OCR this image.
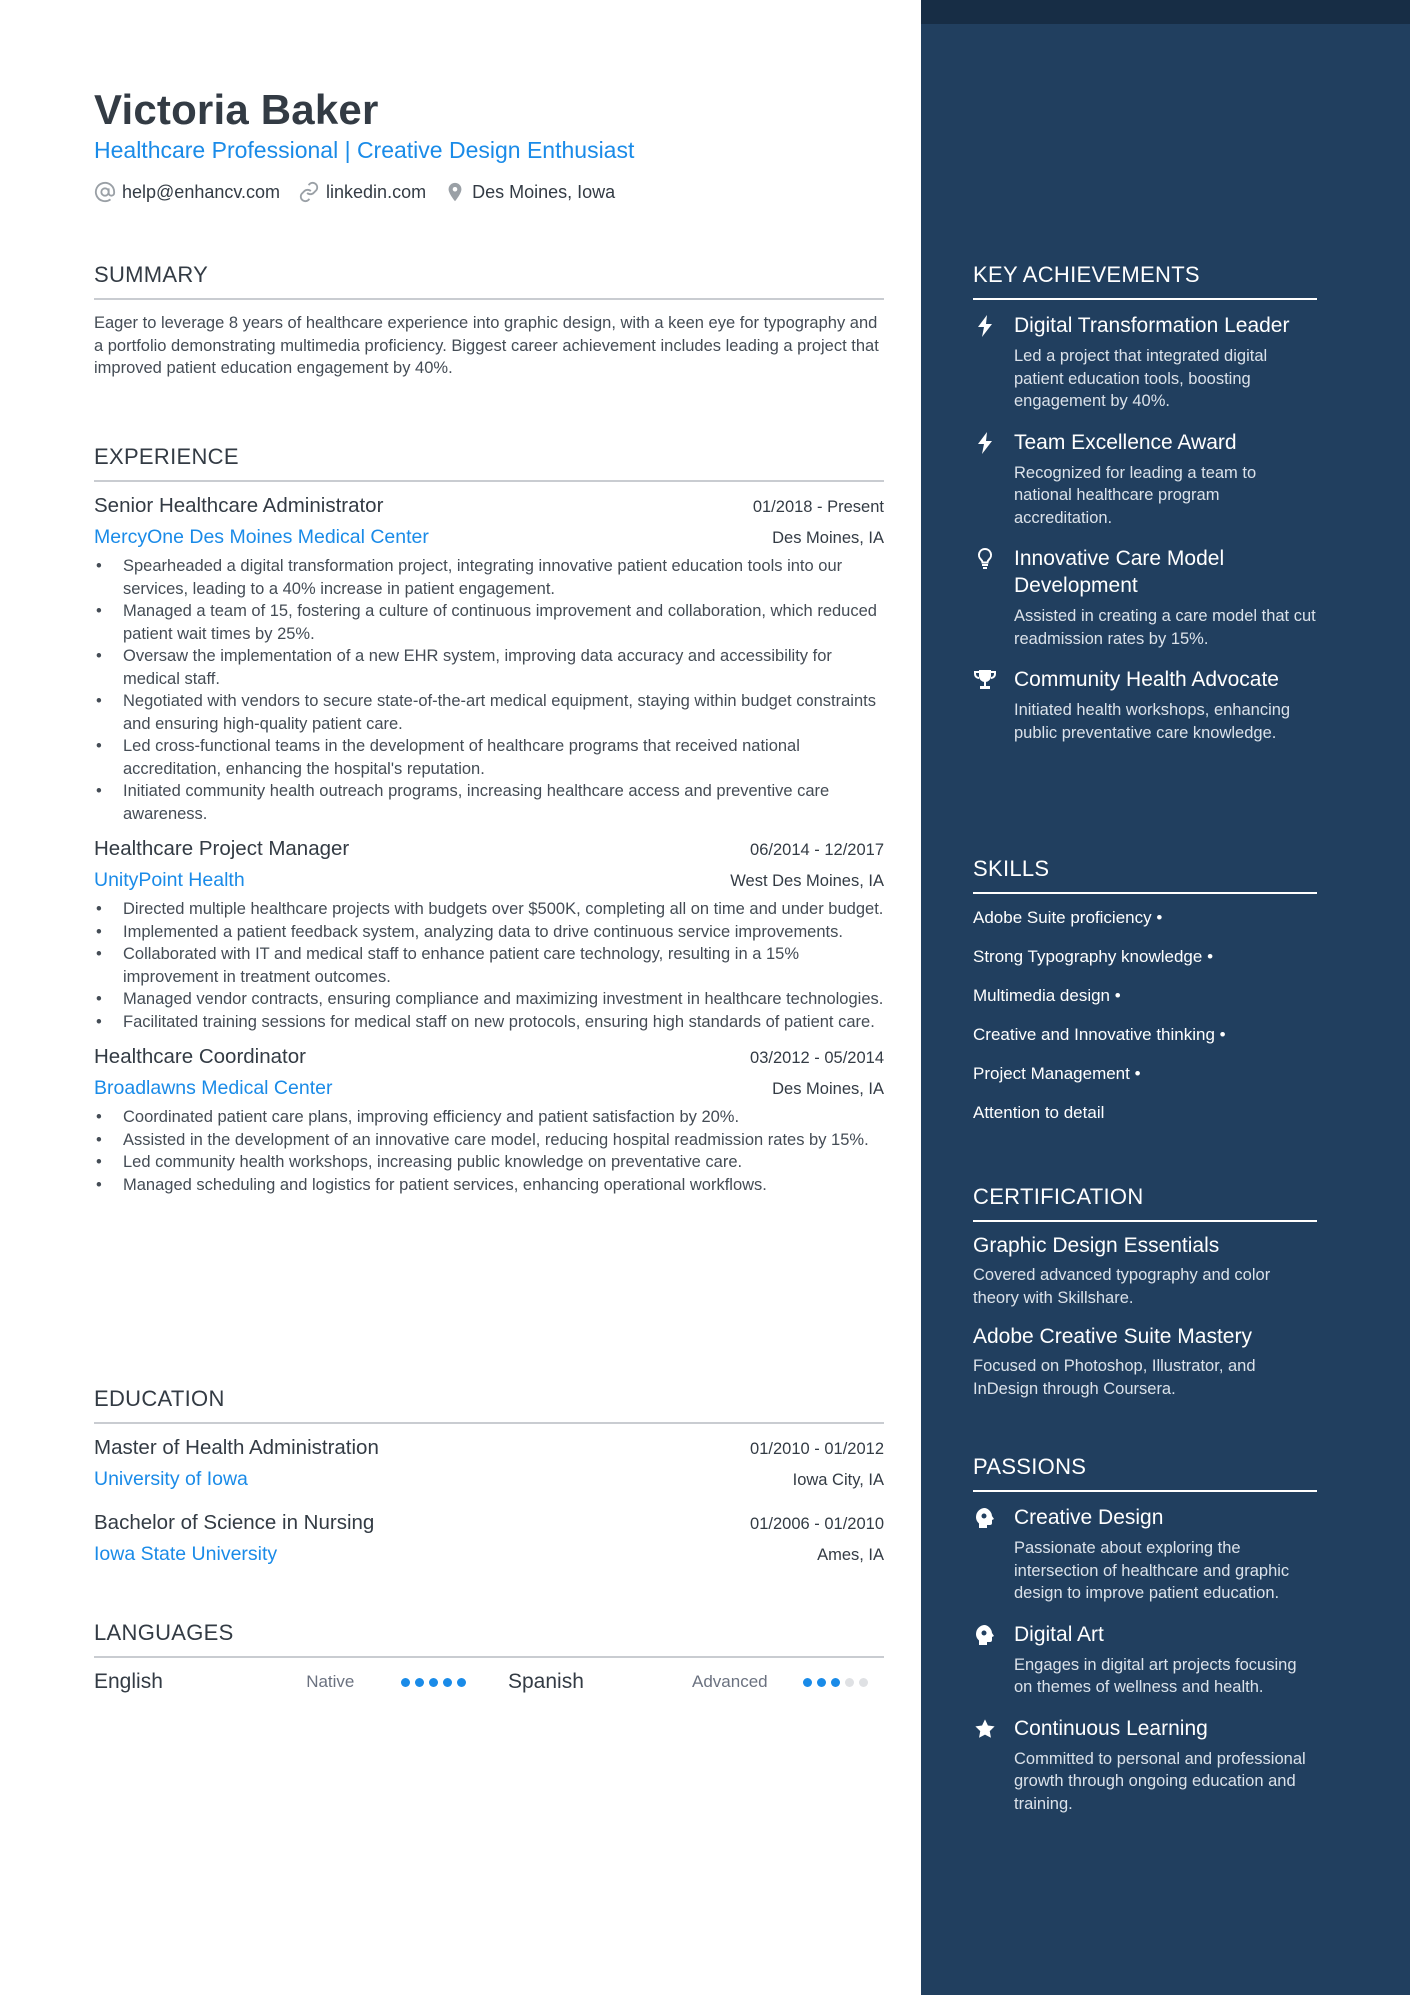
Victoria Baker
Healthcare Professional | Creative Design Enthusiast
help@enhancv.com	linkedin.com	Des Moines, Iowa
SUMMARY
Eager to leverage 8 years of healthcare experience into graphic design, with a keen eye for typography and a portfolio demonstrating multimedia proficiency. Biggest career achievement includes leading a project that improved patient education engagement by 40%.
EXPERIENCE
Senior Healthcare Administrator	01/2018 - Present
MercyOne Des Moines Medical Center	Des Moines, IA
• Spearheaded a digital transformation project, integrating innovative patient education tools into our services, leading to a 40% increase in patient engagement.
• Managed a team of 15, fostering a culture of continuous improvement and collaboration, which reduced patient wait times by 25%.
• Oversaw the implementation of a new EHR system, improving data accuracy and accessibility for medical staff.
• Negotiated with vendors to secure state-of-the-art medical equipment, staying within budget constraints and ensuring high-quality patient care.
• Led cross-functional teams in the development of healthcare programs that received national accreditation, enhancing the hospital's reputation.
• Initiated community health outreach programs, increasing healthcare access and preventive care awareness.
Healthcare Project Manager	06/2014 - 12/2017
UnityPoint Health	West Des Moines, IA
• Directed multiple healthcare projects with budgets over $500K, completing all on time and under budget.
• Implemented a patient feedback system, analyzing data to drive continuous service improvements.
• Collaborated with IT and medical staff to enhance patient care technology, resulting in a 15% improvement in treatment outcomes.
• Managed vendor contracts, ensuring compliance and maximizing investment in healthcare technologies.
• Facilitated training sessions for medical staff on new protocols, ensuring high standards of patient care.
Healthcare Coordinator	03/2012 - 05/2014
Broadlawns Medical Center	Des Moines, IA
• Coordinated patient care plans, improving efficiency and patient satisfaction by 20%.
• Assisted in the development of an innovative care model, reducing hospital readmission rates by 15%.
• Led community health workshops, increasing public knowledge on preventative care.
• Managed scheduling and logistics for patient services, enhancing operational workflows.
EDUCATION
Master of Health Administration	01/2010 - 01/2012
University of Iowa	Iowa City, IA
Bachelor of Science in Nursing	01/2006 - 01/2010
Iowa State University	Ames, IA
LANGUAGES
English	Native	Spanish	Advanced
KEY ACHIEVEMENTS
Digital Transformation Leader
Led a project that integrated digital patient education tools, boosting engagement by 40%.
Team Excellence Award
Recognized for leading a team to national healthcare program accreditation.
Innovative Care Model Development
Assisted in creating a care model that cut readmission rates by 15%.
Community Health Advocate
Initiated health workshops, enhancing public preventative care knowledge.
SKILLS
Adobe Suite proficiency •
Strong Typography knowledge •
Multimedia design •
Creative and Innovative thinking •
Project Management •
Attention to detail
CERTIFICATION
Graphic Design Essentials
Covered advanced typography and color theory with Skillshare.
Adobe Creative Suite Mastery
Focused on Photoshop, Illustrator, and InDesign through Coursera.
PASSIONS
Creative Design
Passionate about exploring the intersection of healthcare and graphic design to improve patient education.
Digital Art
Engages in digital art projects focusing on themes of wellness and health.
Continuous Learning
Committed to personal and professional growth through ongoing education and training.
